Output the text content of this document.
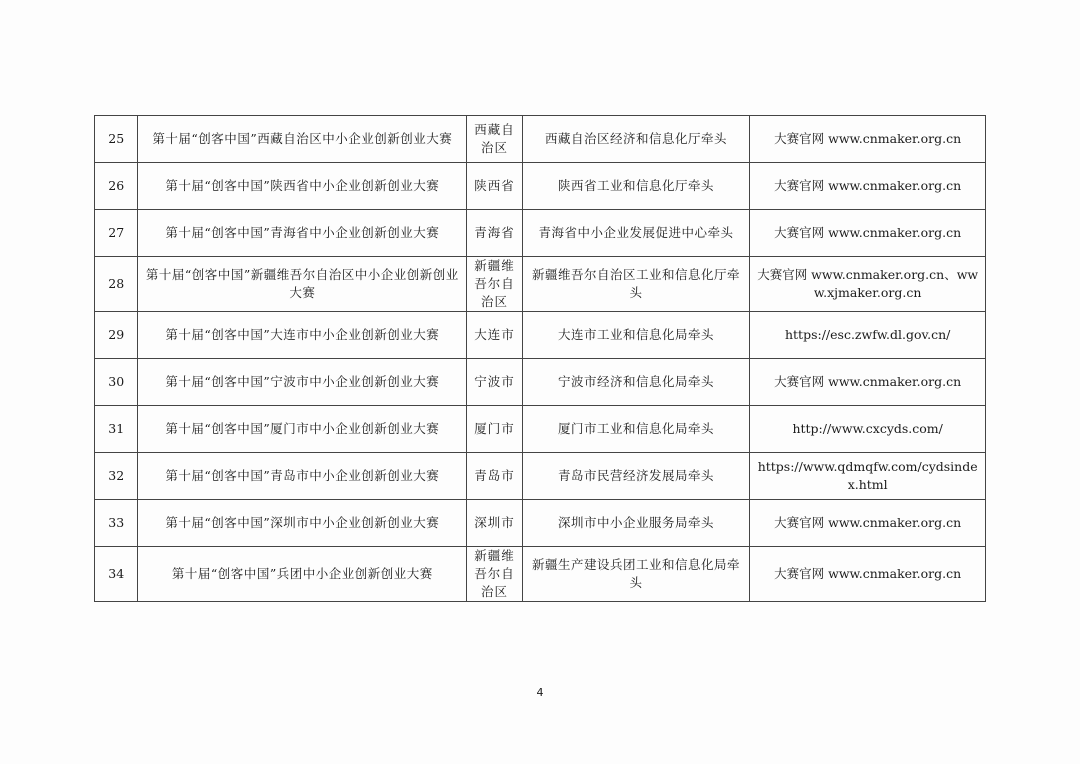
25	第十届“创客中国”西藏自治区中小企业创新创业大赛	西藏自治区	西藏自治区经济和信息化厅牵头	大赛官网 www.cnmaker.org.cn
26	第十届“创客中国”陕西省中小企业创新创业大赛	陕西省	陕西省工业和信息化厅牵头	大赛官网 www.cnmaker.org.cn
27	第十届“创客中国”青海省中小企业创新创业大赛	青海省	青海省中小企业发展促进中心牵头	大赛官网 www.cnmaker.org.cn
28	第十届“创客中国”新疆维吾尔自治区中小企业创新创业大赛	新疆维吾尔自治区	新疆维吾尔自治区工业和信息化厅牵头	大赛官网 www.cnmaker.org.cn、www.xjmaker.org.cn
29	第十届“创客中国”大连市中小企业创新创业大赛	大连市	大连市工业和信息化局牵头	https://esc.zwfw.dl.gov.cn/
30	第十届“创客中国”宁波市中小企业创新创业大赛	宁波市	宁波市经济和信息化局牵头	大赛官网 www.cnmaker.org.cn
31	第十届“创客中国”厦门市中小企业创新创业大赛	厦门市	厦门市工业和信息化局牵头	http://www.cxcyds.com/
32	第十届“创客中国”青岛市中小企业创新创业大赛	青岛市	青岛市民营经济发展局牵头	https://www.qdmqfw.com/cydsindex.html
33	第十届“创客中国”深圳市中小企业创新创业大赛	深圳市	深圳市中小企业服务局牵头	大赛官网 www.cnmaker.org.cn
34	第十届“创客中国”兵团中小企业创新创业大赛	新疆维吾尔自治区	新疆生产建设兵团工业和信息化局牵头	大赛官网 www.cnmaker.org.cn
4
